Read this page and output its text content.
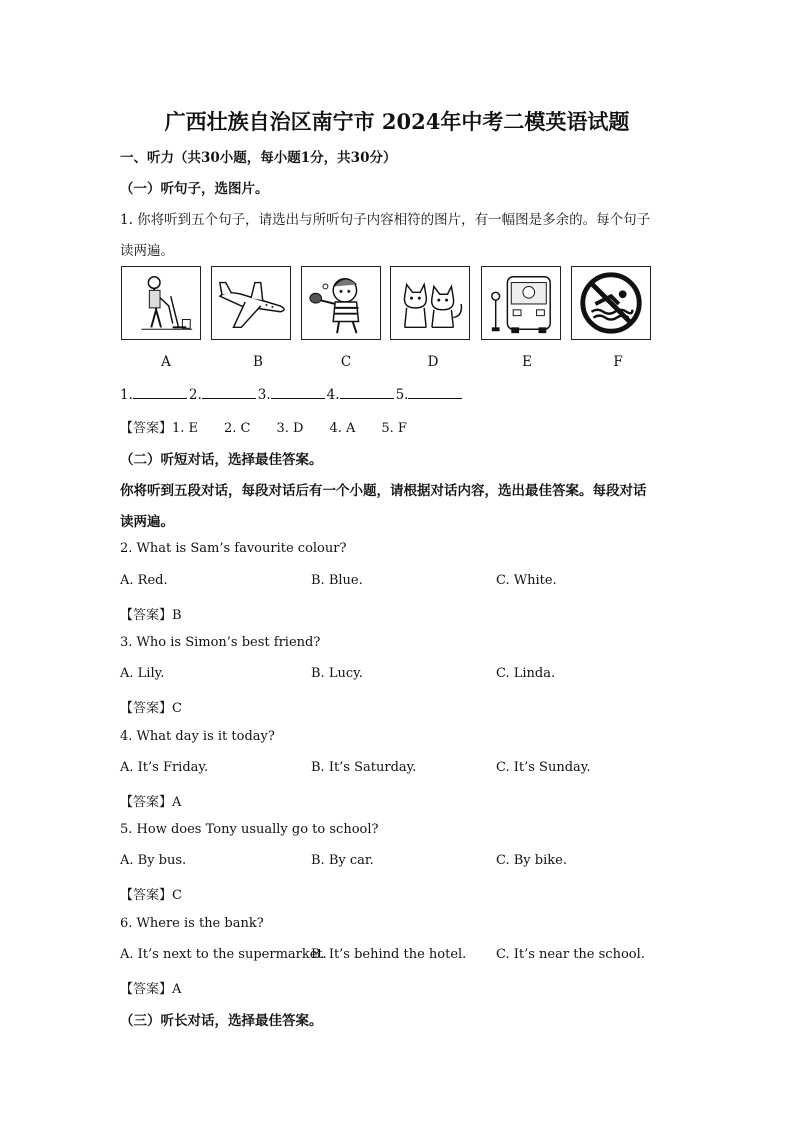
广西壮族自治区南宁市 2024年中考二模英语试题
一、听力（共30小题，每小题1分，共30分）
（一）听句子，选图片。
1. 你将听到五个句子，请选出与所听句子内容相符的图片，有一幅图是多余的。每个句子
读两遍。
A	B	C	D	E	F
1.	2.	3.	4.	5.
【答案】1. E　　2. C　　3. D　　4. A　　5. F
（二）听短对话，选择最佳答案。
你将听到五段对话，每段对话后有一个小题，请根据对话内容，选出最佳答案。每段对话
读两遍。
2. What is Sam’s favourite colour?
A. Red.	B. Blue.	C. White.
【答案】B
3. Who is Simon’s best friend?
A. Lily.	B. Lucy.	C. Linda.
【答案】C
4. What day is it today?
A. It’s Friday.	B. It’s Saturday.	C. It’s Sunday.
【答案】A
5. How does Tony usually go to school?
A. By bus.	B. By car.	C. By bike.
【答案】C
6. Where is the bank?
A. It’s next to the supermarket.
B. It’s behind the hotel. C. It’s near the school.
【答案】A
（三）听长对话，选择最佳答案。
